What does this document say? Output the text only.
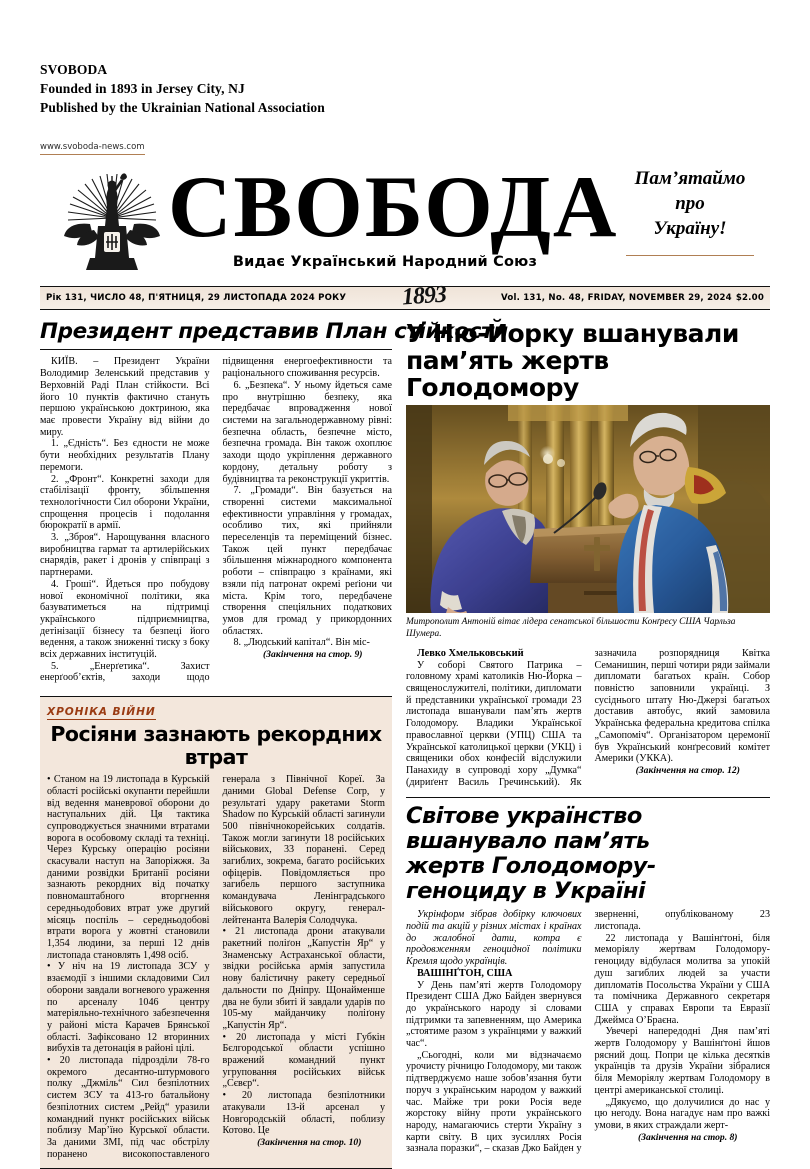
SVOBODA
Founded in 1893 in Jersey City, NJ
Published by the Ukrainian National Association
www.svoboda-news.com
СВОБОДА
Видає Український Народний Союз
Пам’ятаймо
про
Україну!
Рік 131, ЧИСЛО 48, П'ЯТНИЦЯ, 29 ЛИСТОПАДА 2024 РОКУ 1893	Vol. 131, No. 48, FRIDAY, NOVEMBER 29, 2024 $2.00
Президент представив План стійкости

КИЇВ. – Президент України Володимир Зеленський представив у Верховній Раді План стійкости. Всі його 10 пунктів фактично стануть першою українською доктриною, яка має провести Україну від війни до миру.

1. „Єдність“. Без єдности не може бути необхідних результатів Плану перемоги.

2. „Фронт“. Конкретні заходи для стабілізації фронту, збільшення технологічности Сил оборони України, спрощення процесів і подолання бюрократії в армії.

3. „Зброя“. Нарощування власного виробництва гармат та артилерійських снарядів, ракет і дронів у співпраці з партнерами.

4. Гроші“. Йдеться про побудову нової економічної політики, яка базуватиметься на підтримці українського підприємництва, детінізації бізнесу та безпеці його ведення, а також зниженні тиску з боку всіх державних інституцій.

5. „Енерґетика“. Захист енерґооб’єктів, заходи щодо підвищення енергоефективности та раціонального споживання ресурсів.

6. „Безпека“. У ньому йдеться саме про внутрішню безпеку, яка передбачає впровадження нової системи на загальнодержавному рівні: безпечна область, безпечне місто, безпечна громада. Він також охоплює заходи щодо укріплення державного кордону, детальну роботу з будівництва та реконструкції укриттів.

7. „Громади“. Він базується на створенні системи максимальної ефективности управління у громадах, особливо тих, які прийняли переселенців та переміщений бізнес. Також цей пункт передбачає збільшення міжнародного компонента роботи – співпрацю з країнами, які взяли під патронат окремі реґіони чи міста. Крім того, передбачене створення спеціяльних податкових умов для громад у прикордонних областях.

8. „Людський капітал“. Він міс-

(Закінчення на стор. 9)

ХРОНІКА ВІЙНИ
Росіяни зазнають рекордних втрат

• Станом на 19 листопада в Курській області російські окупанти перейшли від ведення маневрової оборони до наступальних дій. Ця тактика супроводжується значними втратами ворога в особовому складі та техніці. Через Курську операцію росіяни скасували наступ на Запоріжжя. За даними розвідки Британії росіяни зазнають рекордних від початку повномаштабного вторгнення середньодобових втрат уже другий місяць поспіль – середньодобові втрати ворога у жовтні становили 1,354 людини, за перші 12 днів листопада становлять 1,498 осіб.

• У ніч на 19 листопада ЗСУ у взаємодії з іншими складовими Сил оборони завдали вогневого ураження по арсеналу 1046 центру матеріяльно-технічного забезпечення у районі міста Карачев Брянської області. Зафіксовано 12 вторинних вибухів та детонація в районі цілі.

• 20 листопада підрозділи 78-го окремого десантно-штурмового полку „Джміль“ Сил безпілотних систем ЗСУ та 413-го батальйону безпілотних систем „Рейд“ уразили командний пункт російських військ поблизу Мар’їно Курської области. За даними ЗМІ, під час обстрілу поранено високопоставленого генерала з Північної Кореї. За даними Global Defense Corp, у результаті удару ракетами Storm Shadow по Курській області загинули 500 північнокорейських солдатів. Також могли загинути 18 російських військових, 33 поранені. Серед загиблих, зокрема, багато російських офіцерів. Повідомляється про загибель першого заступника командувача Ленінградського військового округу, генерал-лейтенанта Валерія Солодчука.

• 21 листопада дрони атакували ракетний поліґон „Капустін Яр“ у Знаменську Астраханської области, звідки російська армія запустила нову балістичну ракету середньої дальности по Дніпру. Щонайменше два не були збиті й завдали ударів по 105-му майданчику поліґону „Капустін Яр“.

• 20 листопада у місті Губкін Бєлгородської области успішно вражений командний пункт угруповання російських військ „Сєвєр“.

• 20 листопада безпілотники атакували 13-й арсенал у Новгородській області, поблизу Котово. Це

(Закінчення на стор. 10)

У Ню-Йорку вшанували
пам’ять жертв Голодомору
Митрополит Антоній вітає лідера сенатської більшости Конґресу США Чарльза Шумера.

Левко Хмельковський

У соборі Святого Патрика – головному храмі католиків Ню-Йорка – священослужителі, політики, дипломати й представники української громади 23 листопада вшанували пам’ять жертв Голодомору. Владики Української православної церкви (УПЦ) США та Української католицької церкви (УКЦ) і священики обох конфесій відслужили Панахиду в супроводі хору „Думка“ (дириґент Василь Гречинський). Як зазначила розпорядниця Квітка Семанишин, перші чотири ряди займали дипломати багатьох країн. Собор повністю заповнили українці. З сусіднього штату Ню-Джерзі багатьох доставив автобус, який замовила Українська федеральна кредитова спілка „Самопоміч“. Організатором церемонії був Український конґресовий комітет Америки (УККА).

(Закінчення на стор. 12)

Світове українство вшанувало пам’ять
жертв Голодомору-геноциду в Україні

Укрінформ зібрав добірку ключових подій та акцій у різних містах і країнах до жалобної дати, котра є продовженням геноцидної політики Кремля щодо українців.

ВАШІНҐТОН, США

У День пам’яті жертв Голодомору Президент США Джо Байден звернувся до українського народу зі словами підтримки та запевненням, що Америка „стоятиме разом з українцями у важкий час“.

„Сьогодні, коли ми відзначаємо урочисту річницю Голодомору, ми також підтверджуємо наше зобов’язання бути поруч з українським народом у важкий час. Майже три роки Росія веде жорстоку війну проти українського народу, намагаючись стерти Україну з карти світу. В цих зусиллях Росія зазнала поразки“, – сказав Джо Байден у зверненні, опублікованому 23 листопада.

22 листопада у Вашінґтоні, біля меморіялу жертвам Голодомору-геноциду відбулася молитва за упокій душ загиблих людей за участи дипломатів Посольства України у США та помічника Державного секретаря США у справах Европи та Евразії Джеймса О’Браєна.

Увечері напередодні Дня пам’яті жертв Голодомору у Вашінґтоні йшов рясний дощ. Попри це кілька десятків українців та друзів України зібралися біля Меморіялу жертвам Голодомору в центрі американської столиці.

„Дякуємо, що долучилися до нас у цю негоду. Вона нагадує нам про важкі умови, в яких страждали жерт-

(Закінчення на стор. 8)
